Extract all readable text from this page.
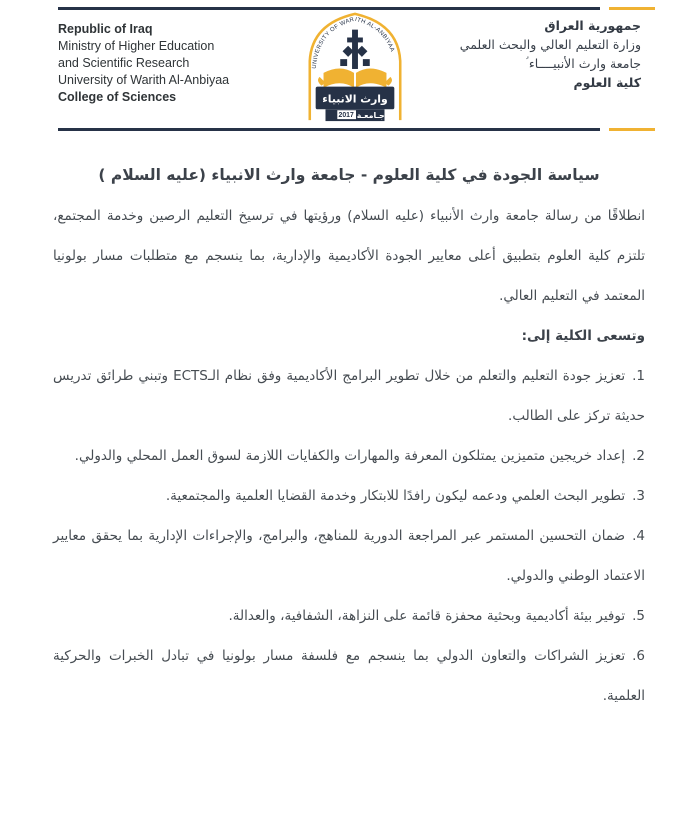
Republic of Iraq
Ministry of Higher Education
and Scientific Research
University of Warith Al-Anbiyaa
College of Sciences
UNIVERSITY OF WARITH AL-ANBIYAA
وارث الانبياء
جـامعـة
2017
جمهورية العراق
وزارة التعليم العالي والبحث العلمي
جامعة وارث الأنبيــــاء ؑ
كلية العلوم
سياسة الجودة في كلية العلوم - جامعة وارث الانبياء (عليه السلام )

انطلاقًا من رسالة جامعة وارث الأنبياء (عليه السلام) ورؤيتها في ترسيخ التعليم الرصين وخدمة المجتمع، تلتزم كلية العلوم بتطبيق أعلى معايير الجودة الأكاديمية والإدارية، بما ينسجم مع متطلبات مسار بولونيا المعتمد في التعليم العالي.

وتسعى الكلية إلى:

1.تعزيز جودة التعليم والتعلم من خلال تطوير البرامج الأكاديمية وفق نظام الـECTS وتبني طرائق تدريس حديثة تركز على الطالب.

2.إعداد خريجين متميزين يمتلكون المعرفة والمهارات والكفايات اللازمة لسوق العمل المحلي والدولي.

3.تطوير البحث العلمي ودعمه ليكون رافدًا للابتكار وخدمة القضايا العلمية والمجتمعية.

4.ضمان التحسين المستمر عبر المراجعة الدورية للمناهج، والبرامج، والإجراءات الإدارية بما يحقق معايير الاعتماد الوطني والدولي.

5.توفير بيئة أكاديمية وبحثية محفزة قائمة على النزاهة، الشفافية، والعدالة.

6.تعزيز الشراكات والتعاون الدولي بما ينسجم مع فلسفة مسار بولونيا في تبادل الخبرات والحركية العلمية.
